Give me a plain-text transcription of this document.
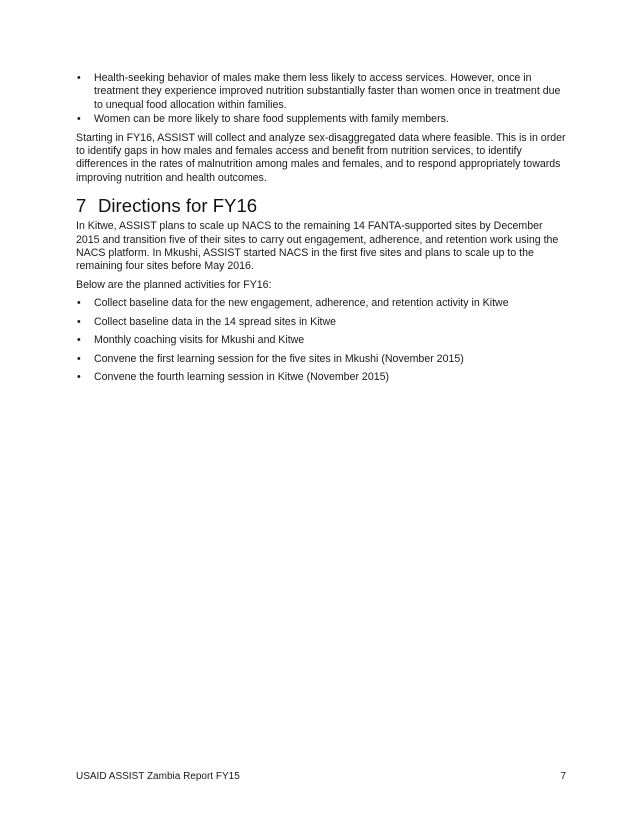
• Health-seeking behavior of males make them less likely to access services. However, once in treatment they experience improved nutrition substantially faster than women once in treatment due to unequal food allocation within families.
• Women can be more likely to share food supplements with family members.

Starting in FY16, ASSIST will collect and analyze sex-disaggregated data where feasible. This is in order to identify gaps in how males and females access and benefit from nutrition services, to identify differences in the rates of malnutrition among males and females, and to respond appropriately towards improving nutrition and health outcomes.

7 Directions for FY16

In Kitwe, ASSIST plans to scale up NACS to the remaining 14 FANTA-supported sites by December 2015 and transition five of their sites to carry out engagement, adherence, and retention work using the NACS platform. In Mkushi, ASSIST started NACS in the first five sites and plans to scale up to the remaining four sites before May 2016.

Below are the planned activities for FY16:

• Collect baseline data for the new engagement, adherence, and retention activity in Kitwe
• Collect baseline data in the 14 spread sites in Kitwe
• Monthly coaching visits for Mkushi and Kitwe
• Convene the first learning session for the five sites in Mkushi (November 2015)
• Convene the fourth learning session in Kitwe (November 2015)
USAID ASSIST Zambia Report FY15	7
